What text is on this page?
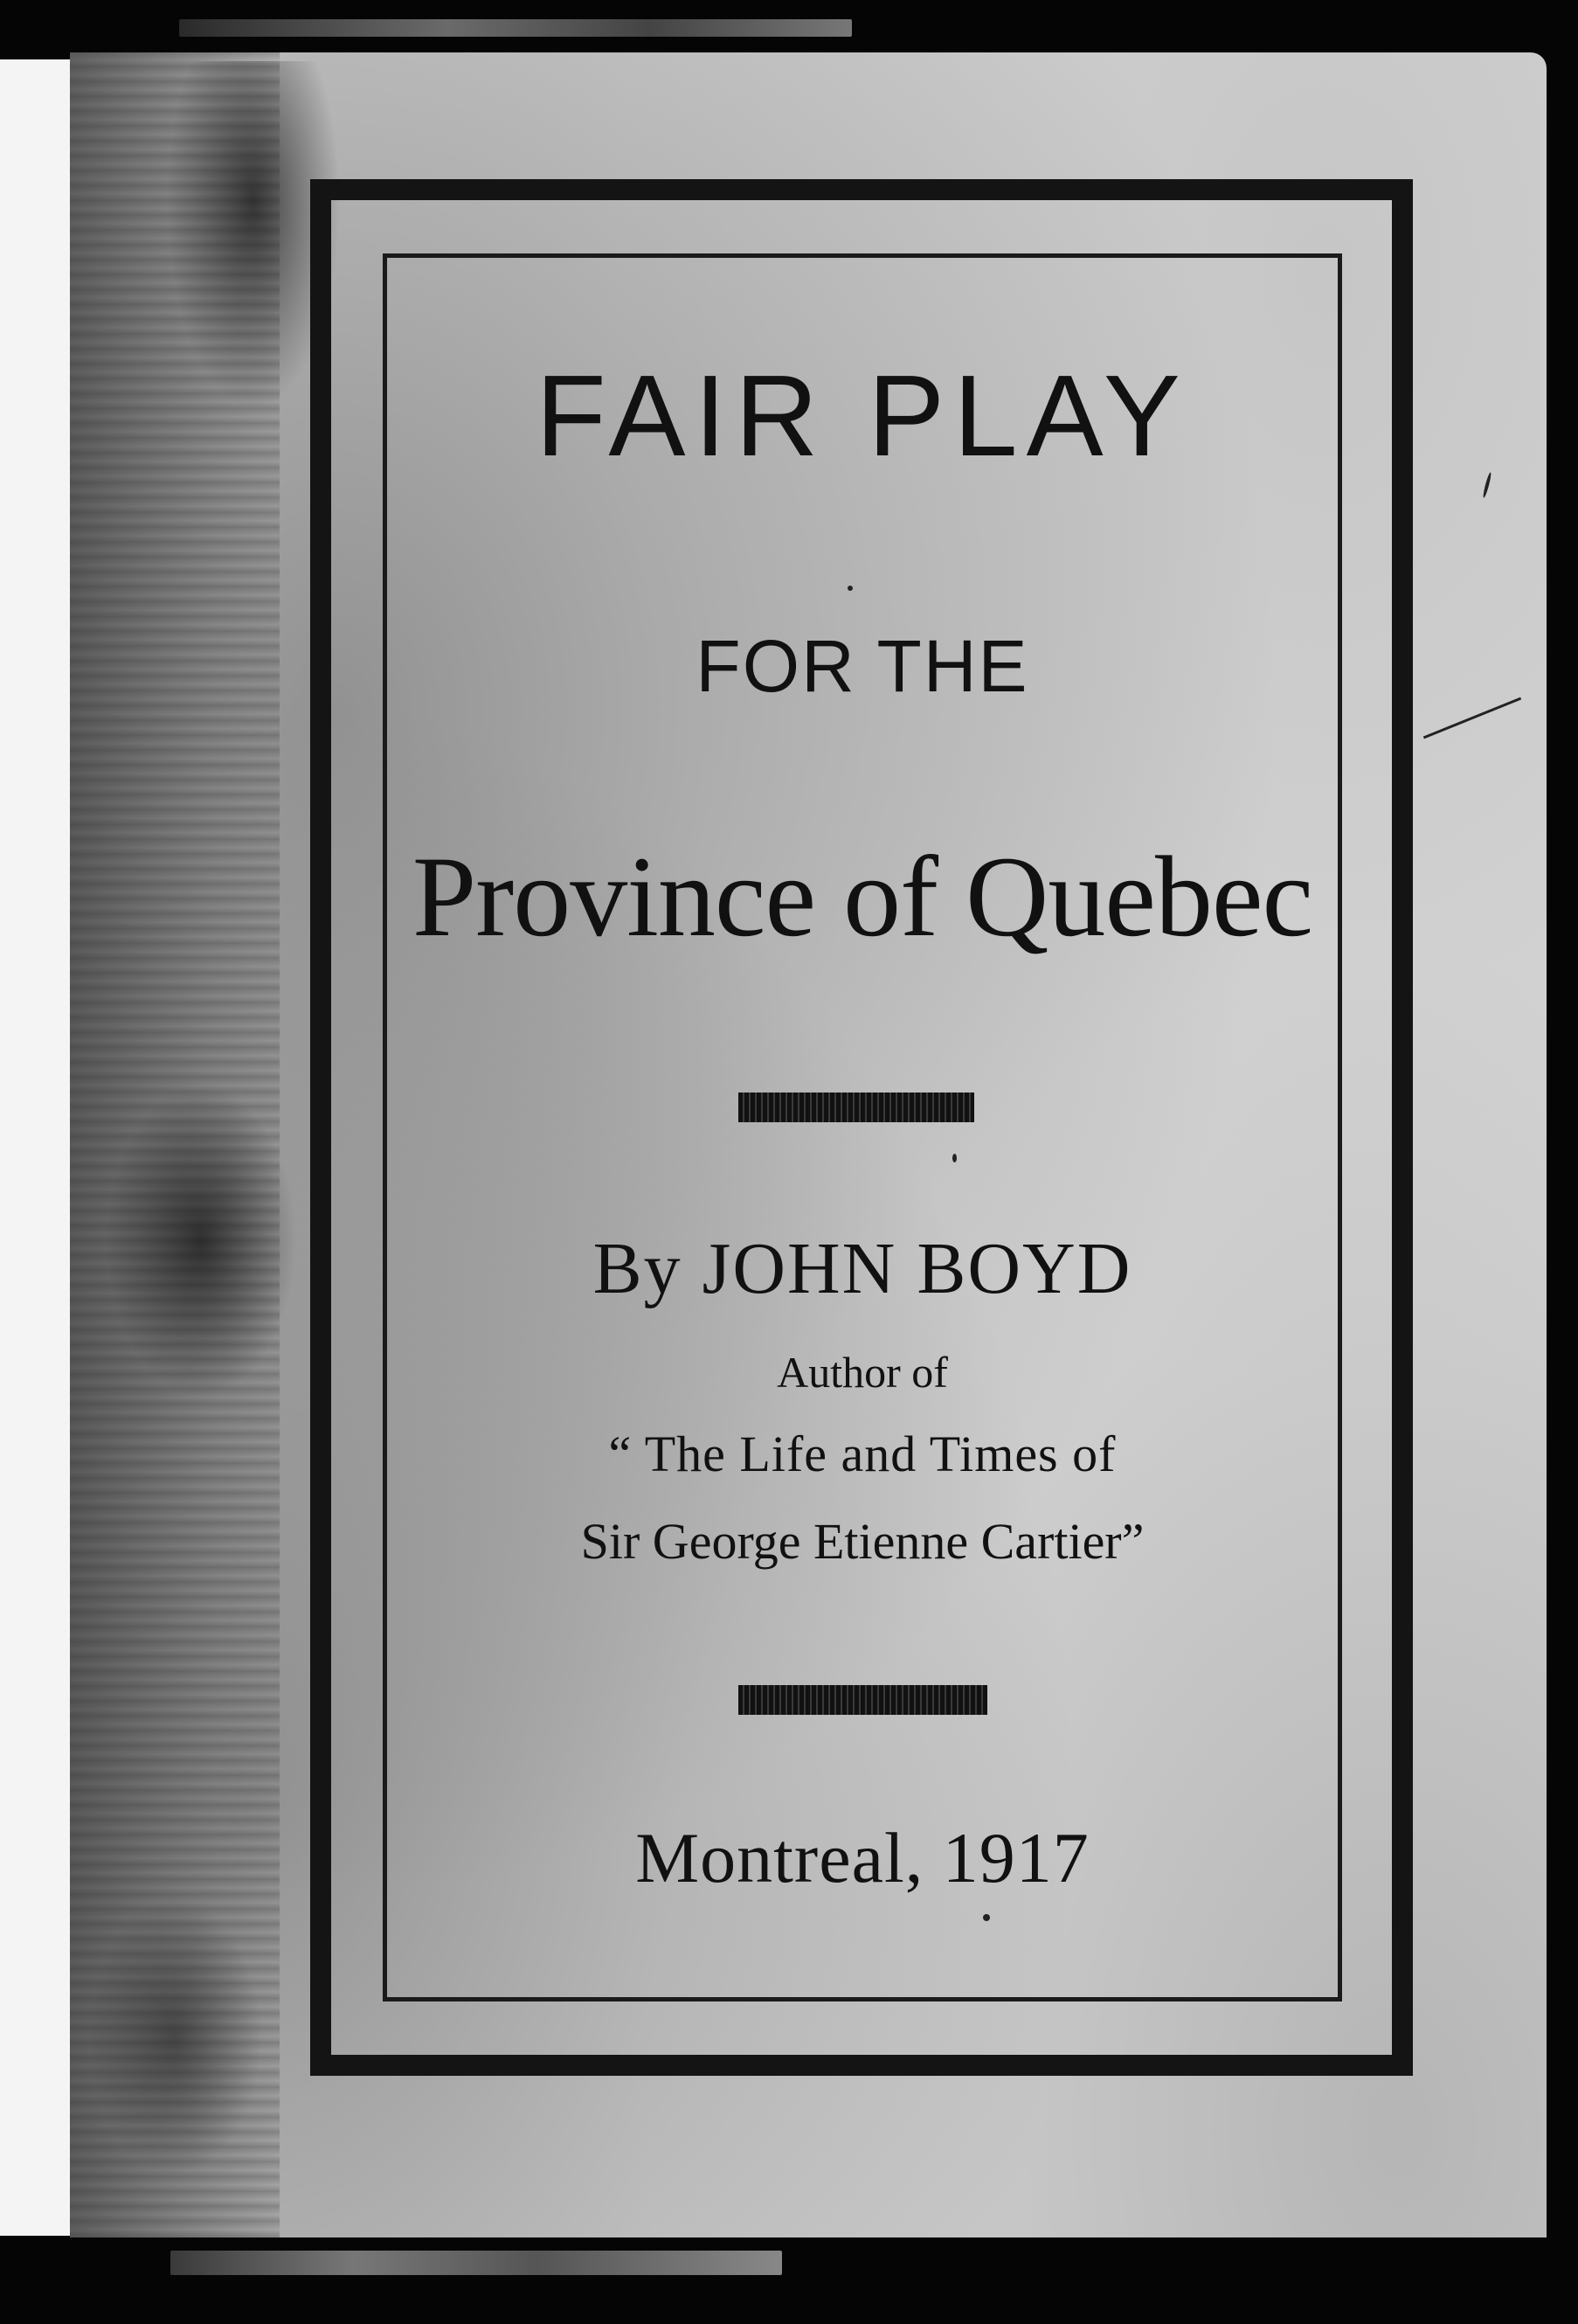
FAIR PLAY
FOR THE
Province of Quebec
By JOHN BOYD
Author of
“ The Life and Times of
Sir George Etienne Cartier”
Montreal, 1917
